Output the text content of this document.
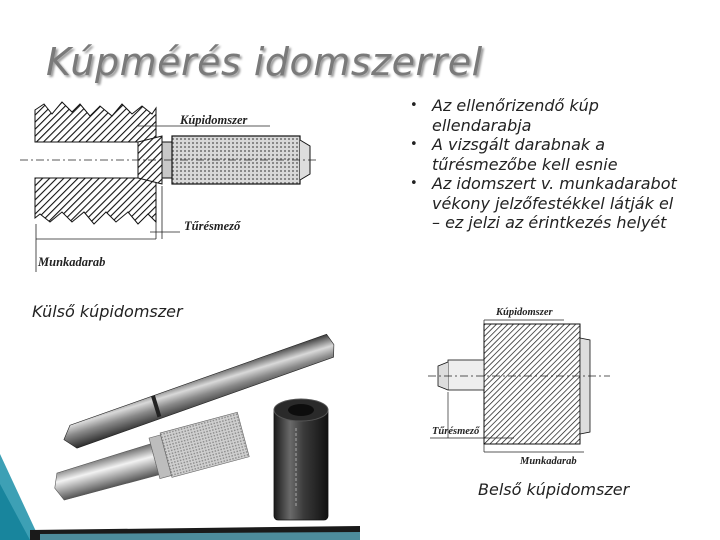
Kúpmérés idomszerrel
• Az ellenőrizendő kúp ellendarabja
• A vizsgált darabnak a tűrésmezőbe kell esnie
• Az idomszert v. munkadarabot vékony jelzőfestékkel látják el – ez jelzi az érintkezés helyét
Kúpidomszer
Tűrésmező
Munkadarab
Külső kúpidomszer	Kúpidomszer
Tűrésmező
Munkadarab
Belső kúpidomszer
